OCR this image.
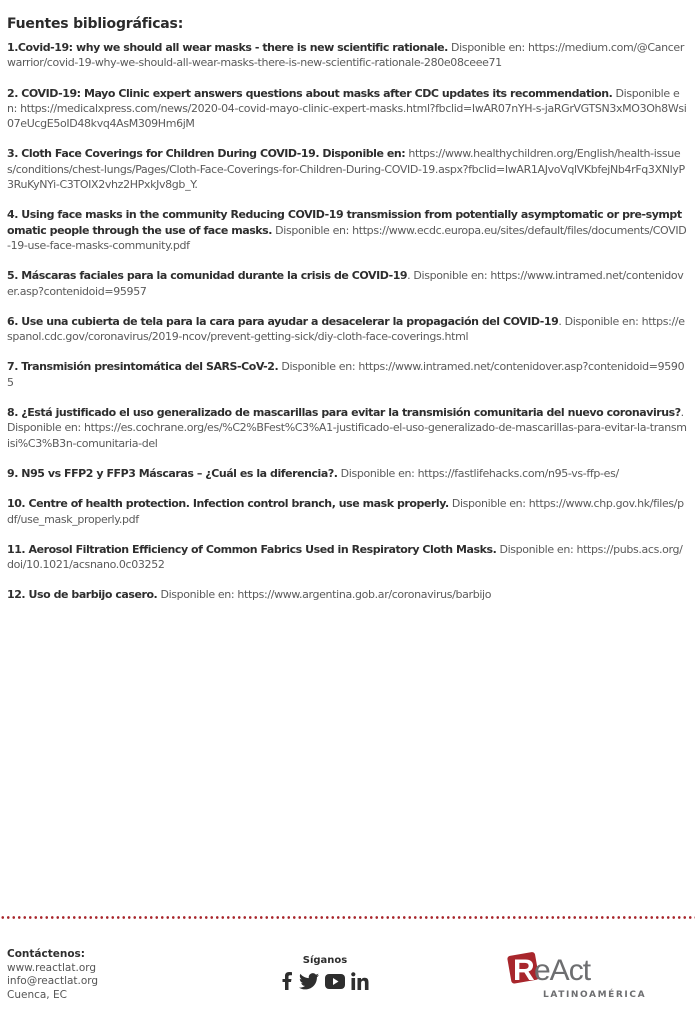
Fuentes bibliográficas:

1.Covid-19: why we should all wear masks - there is new scientific rationale. Disponible en: https://medium.com/@Cancerwarrior/covid-19-why-we-should-all-wear-masks-there-is-new-scientific-rationale-280e08ceee71

2. COVID-19: Mayo Clinic expert answers questions about masks after CDC updates its recommendation. Disponible en: https://medicalxpress.com/news/2020-04-covid-mayo-clinic-expert-masks.html?fbclid=IwAR07nYH-s-jaRGrVGTSN3xMO3Oh8Wsi07eUcgE5oID48kvq4AsM309Hm6jM

3. Cloth Face Coverings for Children During COVID-19. Disponible en: https://www.healthychildren.org/English/health-issues/conditions/chest-lungs/Pages/Cloth-Face-Coverings-for-Children-During-COVID-19.aspx?fbclid=IwAR1AJvoVqlVKbfejNb4rFq3XNlyP3RuKyNYi-C3TOIX2vhz2HPxkJv8gb_Y.

4. Using face masks in the community Reducing COVID-19 transmission from potentially asymptomatic or pre-symptomatic people through the use of face masks. Disponible en: https://www.ecdc.europa.eu/sites/default/files/documents/COVID-19-use-face-masks-community.pdf

5. Máscaras faciales para la comunidad durante la crisis de COVID-19. Disponible en: https://www.intramed.net/contenidover.asp?contenidoid=95957

6. Use una cubierta de tela para la cara para ayudar a desacelerar la propagación del COVID-19. Disponible en: https://espanol.cdc.gov/coronavirus/2019-ncov/prevent-getting-sick/diy-cloth-face-coverings.html

7. Transmisión presintomática del SARS-CoV-2. Disponible en: https://www.intramed.net/contenidover.asp?contenidoid=95905

8. ¿Está justificado el uso generalizado de mascarillas para evitar la transmisión comunitaria del nuevo coronavirus?. Disponible en: https://es.cochrane.org/es/%C2%BFest%C3%A1-justificado-el-uso-generalizado-de-mascarillas-para-evitar-la-transmisi%C3%B3n-comunitaria-del

9. N95 vs FFP2 y FFP3 Máscaras – ¿Cuál es la diferencia?. Disponible en: https://fastlifehacks.com/n95-vs-ffp-es/

10. Centre of health protection. Infection control branch, use mask properly. Disponible en: https://www.chp.gov.hk/files/pdf/use_mask_properly.pdf

11. Aerosol Filtration Efficiency of Common Fabrics Used in Respiratory Cloth Masks. Disponible en: https://pubs.acs.org/doi/10.1021/acsnano.0c03252

12. Uso de barbijo casero. Disponible en: https://www.argentina.gob.ar/coronavirus/barbijo

Contáctenos:
www.reactlat.org
info@reactlat.org
Cuenca, EC
Síganos	R eAct
LATINOAMÉRICA
